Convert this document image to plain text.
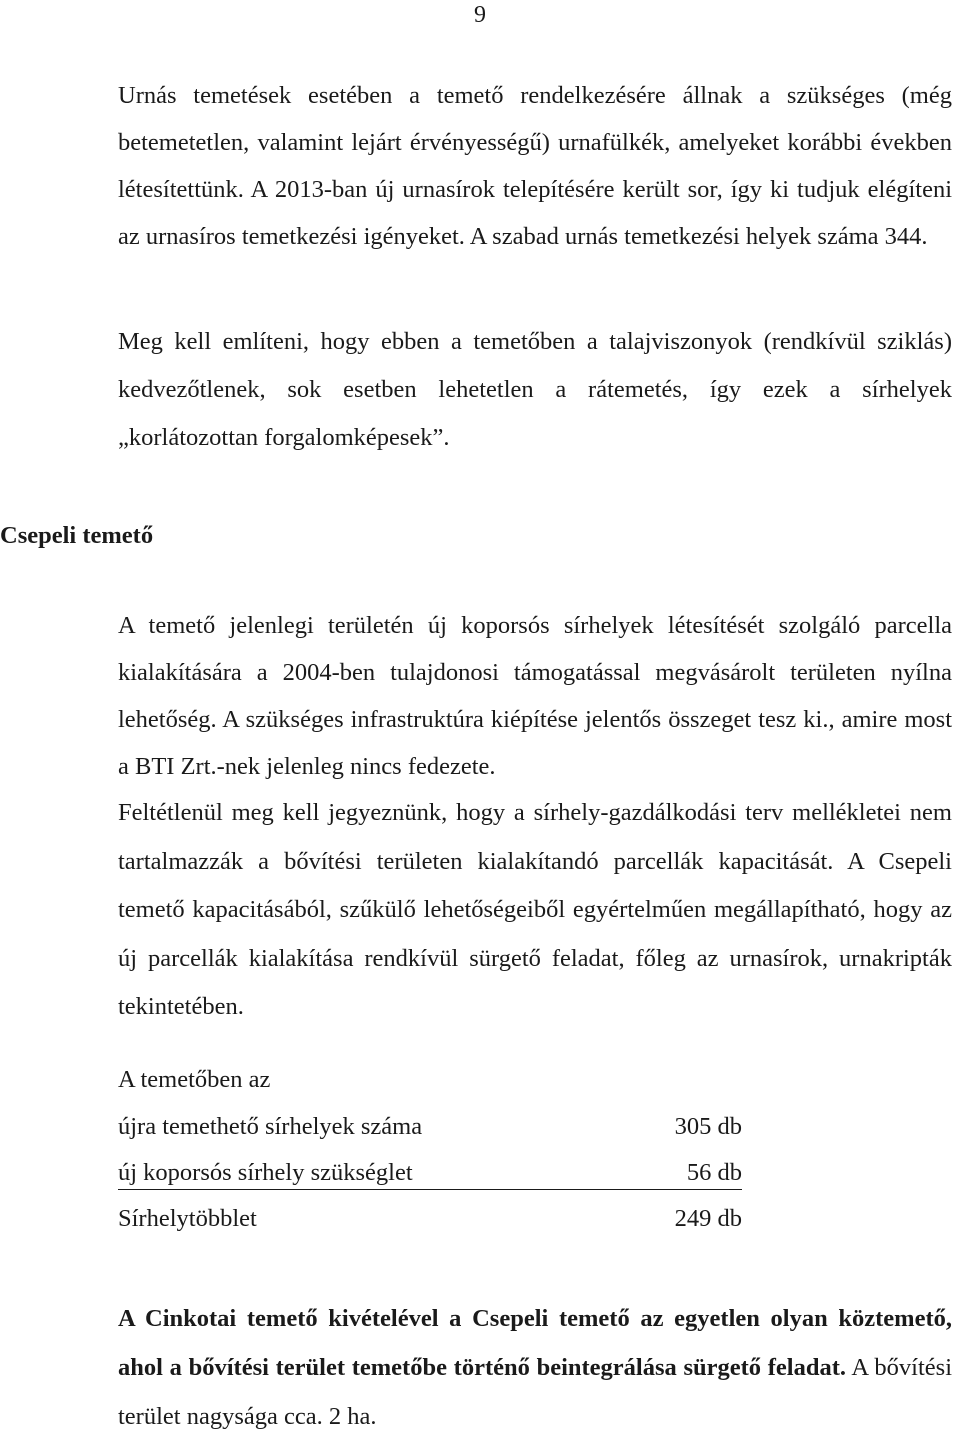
9

Urnás temetések esetében a temető rendelkezésére állnak a szükséges (még betemetetlen, valamint lejárt érvényességű) urnafülkék, amelyeket korábbi években létesítettünk. A 2013-ban új urnasírok telepítésére került sor, így ki tudjuk elégíteni az urnasíros temetkezési igényeket. A szabad urnás temetkezési helyek száma 344.

Meg kell említeni, hogy ebben a temetőben a talajviszonyok (rendkívül sziklás) kedvezőtlenek, sok esetben lehetetlen a rátemetés, így ezek a sírhelyek „korlátozottan forgalomképesek”.

Csepeli temető

A temető jelenlegi területén új koporsós sírhelyek létesítését szolgáló parcella kialakítására a 2004-ben tulajdonosi támogatással megvásárolt területen nyílna lehetőség. A szükséges infrastruktúra kiépítése jelentős összeget tesz ki., amire most a BTI Zrt.-nek jelenleg nincs fedezete.

Feltétlenül meg kell jegyeznünk, hogy a sírhely-gazdálkodási terv mellékletei nem tartalmazzák a bővítési területen kialakítandó parcellák kapacitását. A Csepeli temető kapacitásából, szűkülő lehetőségeiből egyértelműen megállapítható, hogy az új parcellák kialakítása rendkívül sürgető feladat, főleg az urnasírok, urnakripták tekintetében.

A temetőben az
újra temethető sírhelyek száma	305 db
új koporsós sírhely szükséglet	56 db
Sírhelytöbblet	249 db

A Cinkotai temető kivételével a Csepeli temető az egyetlen olyan köztemető, ahol a bővítési terület temetőbe történő beintegrálása sürgető feladat. A bővítési terület nagysága cca. 2 ha.
